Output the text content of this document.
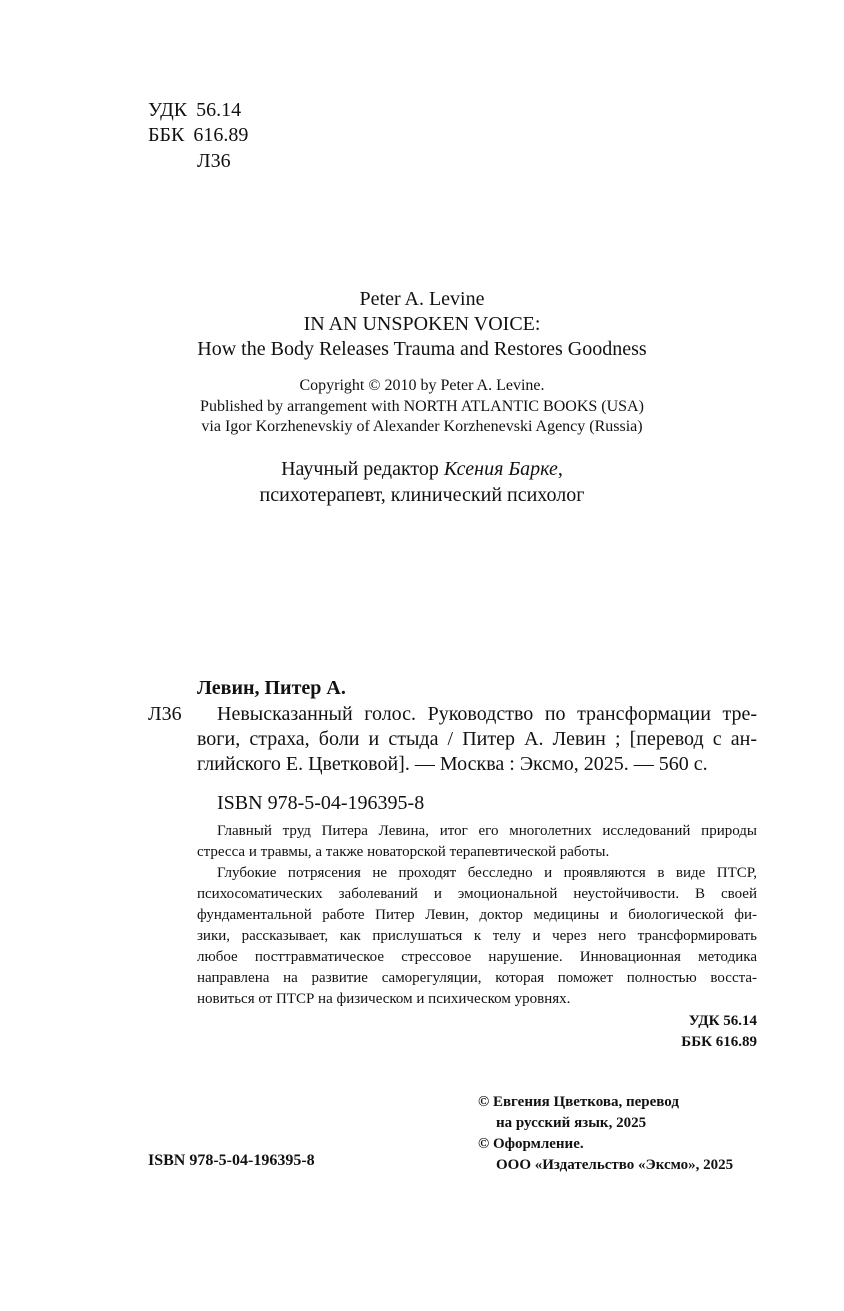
УДК 56.14
ББК 616.89
Л36
Peter A. Levine
IN AN UNSPOKEN VOICE:
How the Body Releases Trauma and Restores Goodness
Copyright © 2010 by Peter A. Levine.
Published by arrangement with NORTH ATLANTIC BOOKS (USA)
via Igor Korzhenevskiy of Alexander Korzhenevski Agency (Russia)
Научный редактор Ксения Барке,
психотерапевт, клинический психолог
Левин, Питер А.
Л36 Невысказанный голос. Руководство по трансформации тре-
воги, страха, боли и стыда / Питер А. Левин ; [перевод с ан-
глийского Е. Цветковой]. — Москва : Эксмо, 2025. — 560 с.
ISBN 978-5-04-196395-8
Главный труд Питера Левина, итог его многолетних исследований природы
стресса и травмы, а также новаторской терапевтической работы.
Глубокие потрясения не проходят бесследно и проявляются в виде ПТСР,
психосоматических заболеваний и эмоциональной неустойчивости. В своей
фундаментальной работе Питер Левин, доктор медицины и биологической фи-
зики, рассказывает, как прислушаться к телу и через него трансформировать
любое посттравматическое стрессовое нарушение. Инновационная методика
направлена на развитие саморегуляции, которая поможет полностью восста-
новиться от ПТСР на физическом и психическом уровнях.
УДК 56.14
ББК 616.89
© Евгения Цветкова, перевод
на русский язык, 2025
© Оформление.
ISBN 978-5-04-196395-8	ООО «Издательство «Эксмо», 2025
